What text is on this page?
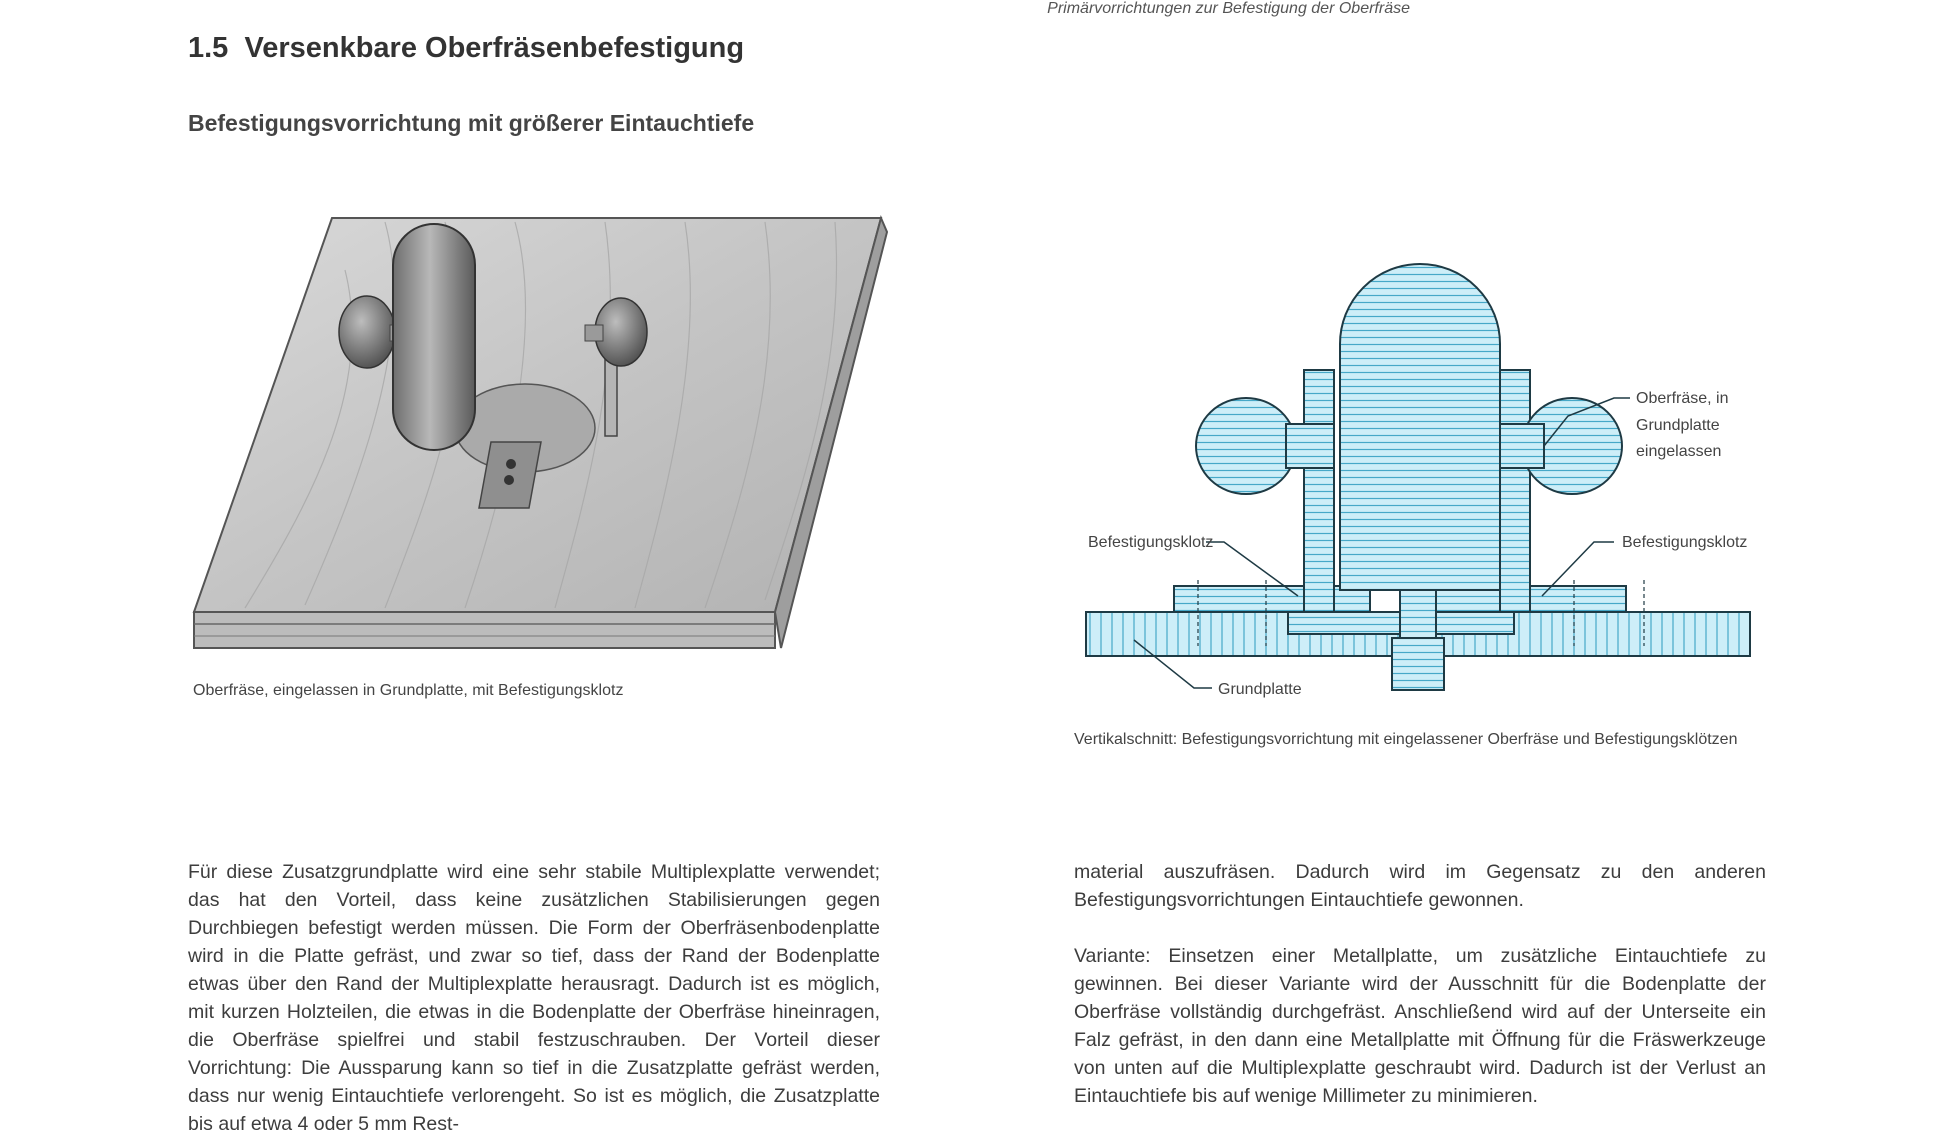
Primärvorrichtungen zur Befestigung der Oberfräse
1.5 Versenkbare Oberfräsenbefestigung
Befestigungsvorrichtung mit größerer Eintauchtiefe
Oberfräse, eingelassen in Grundplatte, mit Befestigungsklotz
Oberfräse, in
Grundplatte
eingelassen
Befestigungsklotz	Befestigungsklotz
Grundplatte
Vertikalschnitt: Befestigungsvorrichtung mit eingelassener Oberfräse und Befestigungsklötzen

Für diese Zusatzgrundplatte wird eine sehr stabile Multiplexplatte verwendet; das hat den Vorteil, dass keine zusätzlichen Stabilisierungen gegen Durchbiegen befestigt werden müssen. Die Form der Oberfräsenbodenplatte wird in die Platte gefräst, und zwar so tief, dass der Rand der Bodenplatte etwas über den Rand der Multiplexplatte herausragt. Dadurch ist es möglich, mit kurzen Holzteilen, die etwas in die Bodenplatte der Oberfräse hineinragen, die Oberfräse spielfrei und stabil festzuschrauben. Der Vorteil dieser Vorrichtung: Die Aussparung kann so tief in die Zusatzplatte gefräst werden, dass nur wenig Eintauchtiefe verlorengeht. So ist es möglich, die Zusatzplatte bis auf etwa 4 oder 5 mm Rest-

material auszufräsen. Dadurch wird im Gegensatz zu den anderen Befestigungsvorrichtungen Eintauchtiefe gewonnen.

Variante: Einsetzen einer Metallplatte, um zusätzliche Eintauchtiefe zu gewinnen. Bei dieser Variante wird der Ausschnitt für die Bodenplatte der Oberfräse vollständig durchgefräst. Anschließend wird auf der Unterseite ein Falz gefräst, in den dann eine Metallplatte mit Öffnung für die Fräswerkzeuge von unten auf die Multiplexplatte geschraubt wird. Dadurch ist der Verlust an Eintauchtiefe bis auf wenige Millimeter zu minimieren.
